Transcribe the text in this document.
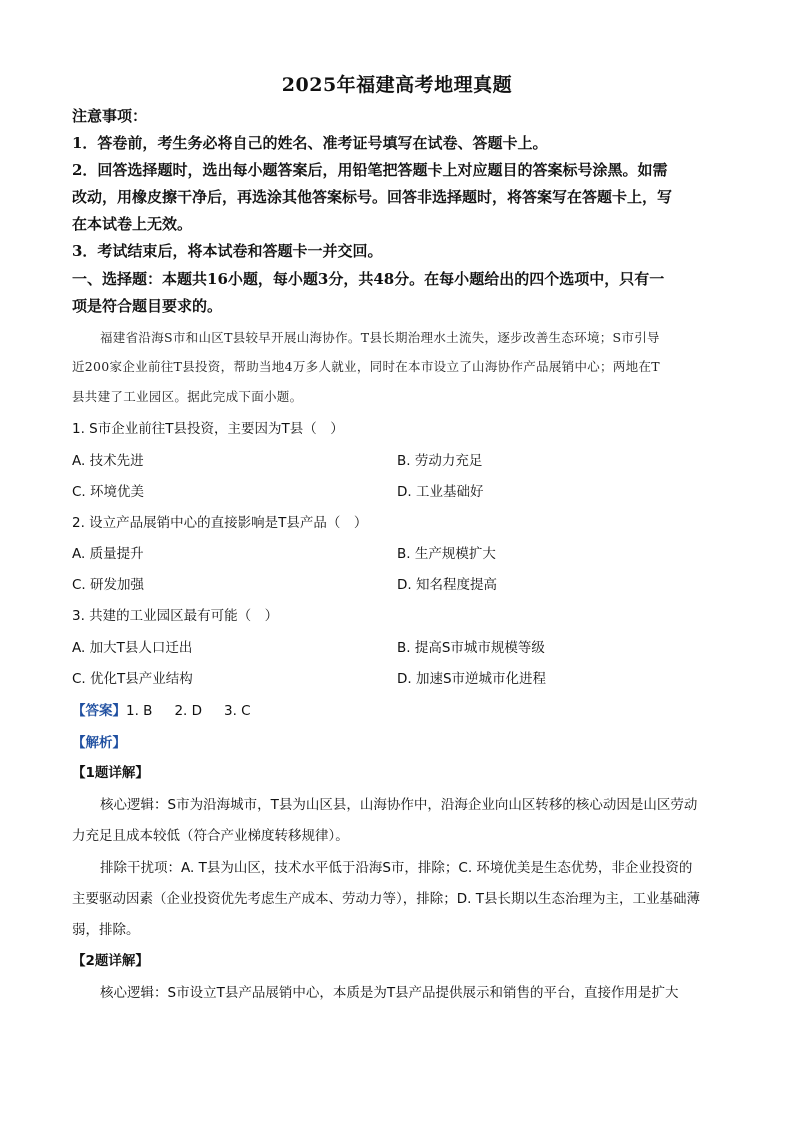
2025年福建高考地理真题
注意事项：
1．答卷前，考生务必将自己的姓名、准考证号填写在试卷、答题卡上。
2．回答选择题时，选出每小题答案后，用铅笔把答题卡上对应题目的答案标号涂黑。如需
改动，用橡皮擦干净后，再选涂其他答案标号。回答非选择题时，将答案写在答题卡上，写
在本试卷上无效。
3．考试结束后，将本试卷和答题卡一并交回。
一、选择题：本题共16小题，每小题3分，共48分。在每小题给出的四个选项中，只有一
项是符合题目要求的。
福建省沿海S市和山区T县较早开展山海协作。T县长期治理水土流失，逐步改善生态环境；S市引导
近200家企业前往T县投资，帮助当地4万多人就业，同时在本市设立了山海协作产品展销中心；两地在T
县共建了工业园区。据此完成下面小题。
1. S市企业前往T县投资，主要因为T县（　）
A. 技术先进	B. 劳动力充足
C. 环境优美	D. 工业基础好
2. 设立产品展销中心的直接影响是T县产品（　）
A. 质量提升	B. 生产规模扩大
C. 研发加强	D. 知名程度提高
3. 共建的工业园区最有可能（　）
A. 加大T县人口迁出	B. 提高S市城市规模等级
C. 优化T县产业结构	D. 加速S市逆城市化进程
【答案】1. B 2. D 3. C
【解析】
【1题详解】
核心逻辑：S市为沿海城市，T县为山区县，山海协作中，沿海企业向山区转移的核心动因是山区劳动
力充足且成本较低（符合产业梯度转移规律）。
排除干扰项：A. T县为山区，技术水平低于沿海S市，排除；C. 环境优美是生态优势，非企业投资的
主要驱动因素（企业投资优先考虑生产成本、劳动力等），排除；D. T县长期以生态治理为主，工业基础薄
弱，排除。
【2题详解】
核心逻辑：S市设立T县产品展销中心，本质是为T县产品提供展示和销售的平台，直接作用是扩大
